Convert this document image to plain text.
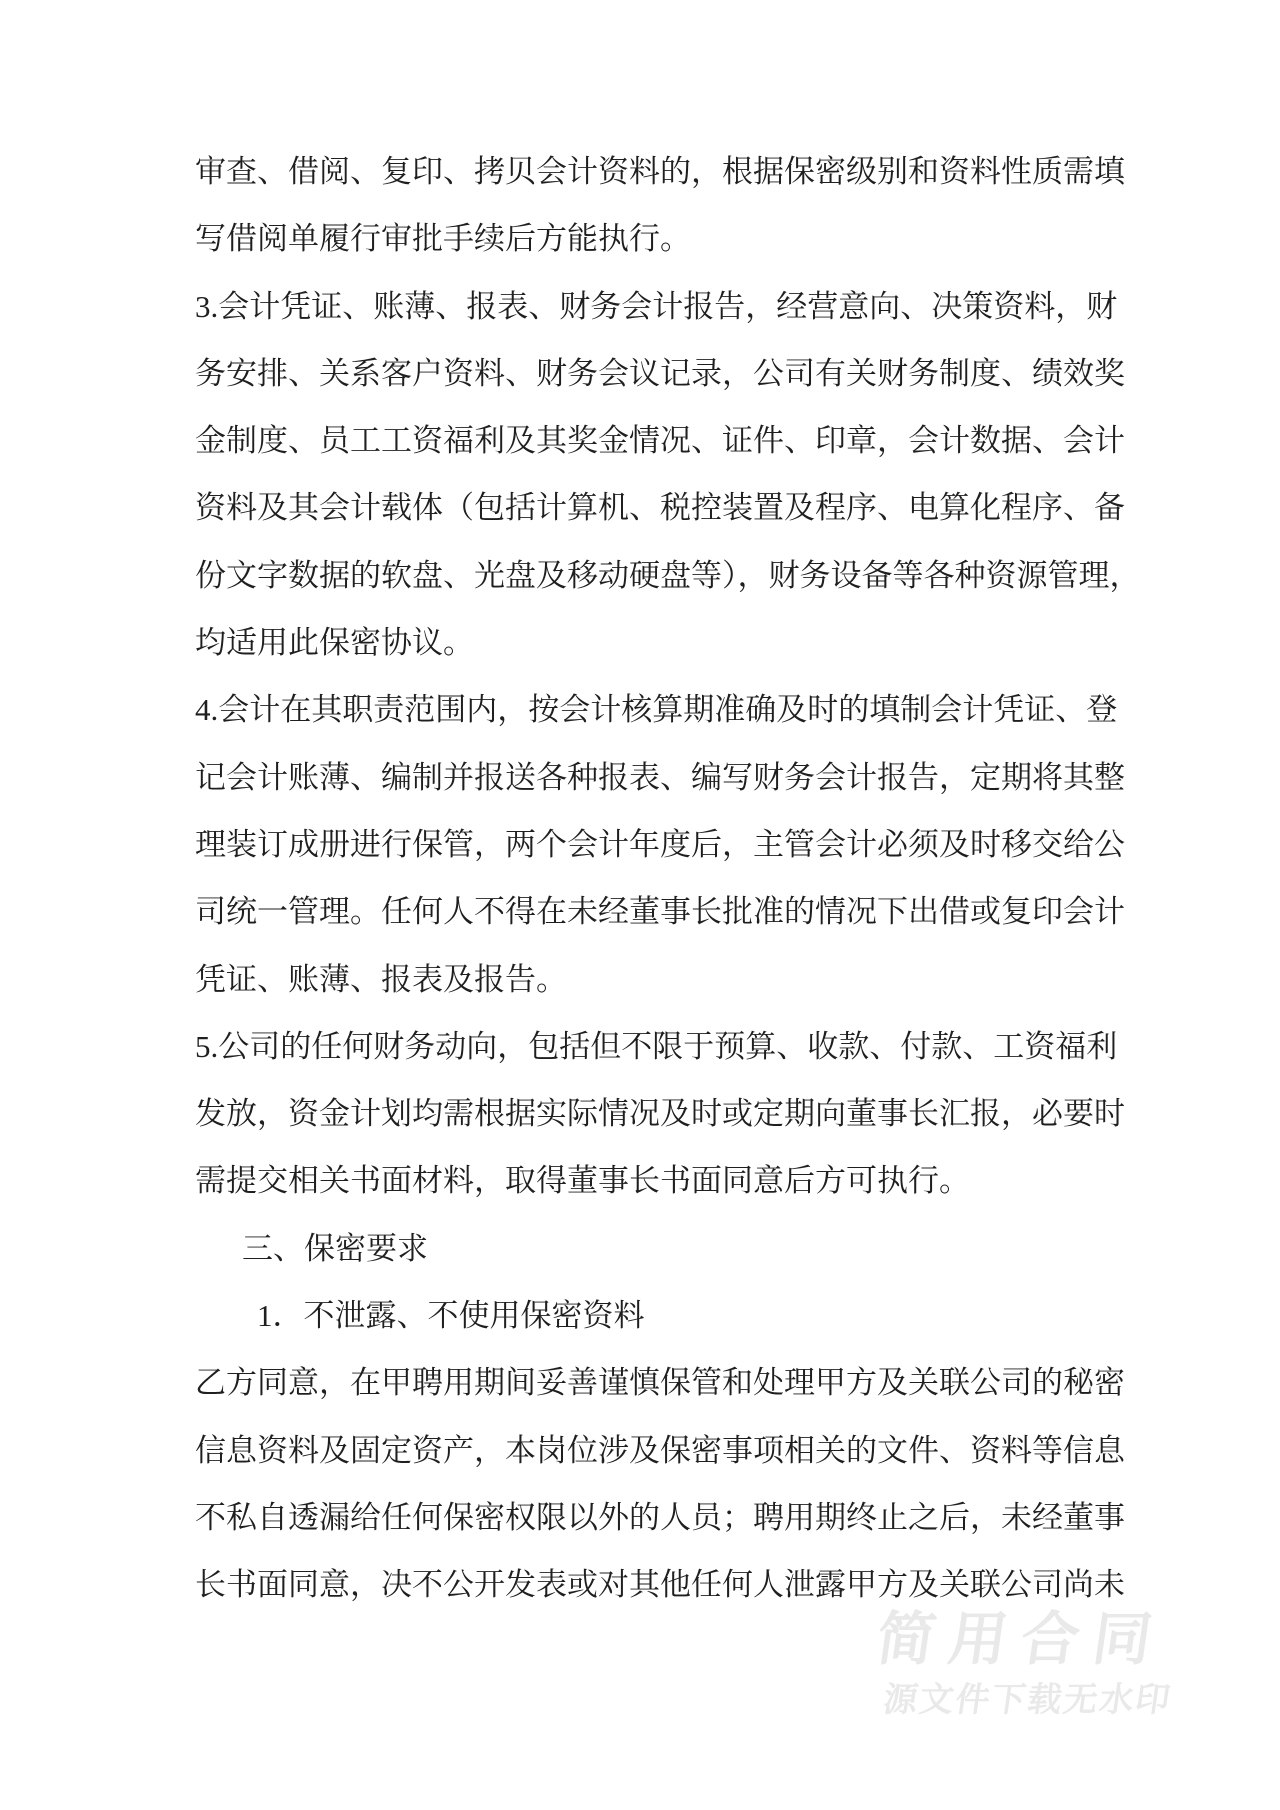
审查、借阅、复印、拷贝会计资料的，根据保密级别和资料性质需填
写借阅单履行审批手续后方能执行。
3.会计凭证、账薄、报表、财务会计报告，经营意向、决策资料，财
务安排、关系客户资料、财务会议记录，公司有关财务制度、绩效奖
金制度、员工工资福利及其奖金情况、证件、印章，会计数据、会计
资料及其会计载体（包括计算机、税控装置及程序、电算化程序、备
份文字数据的软盘、光盘及移动硬盘等），财务设备等各种资源管理，
均适用此保密协议。
4.会计在其职责范围内，按会计核算期准确及时的填制会计凭证、登
记会计账薄、编制并报送各种报表、编写财务会计报告，定期将其整
理装订成册进行保管，两个会计年度后，主管会计必须及时移交给公
司统一管理。任何人不得在未经董事长批准的情况下出借或复印会计
凭证、账薄、报表及报告。
5.公司的任何财务动向，包括但不限于预算、收款、付款、工资福利
发放，资金计划均需根据实际情况及时或定期向董事长汇报，必要时
需提交相关书面材料，取得董事长书面同意后方可执行。
三、保密要求
1．不泄露、不使用保密资料
乙方同意，在甲聘用期间妥善谨慎保管和处理甲方及关联公司的秘密
信息资料及固定资产，本岗位涉及保密事项相关的文件、资料等信息
不私自透漏给任何保密权限以外的人员；聘用期终止之后，未经董事
长书面同意，决不公开发表或对其他任何人泄露甲方及关联公司尚未
简用合同
源文件下载无水印
